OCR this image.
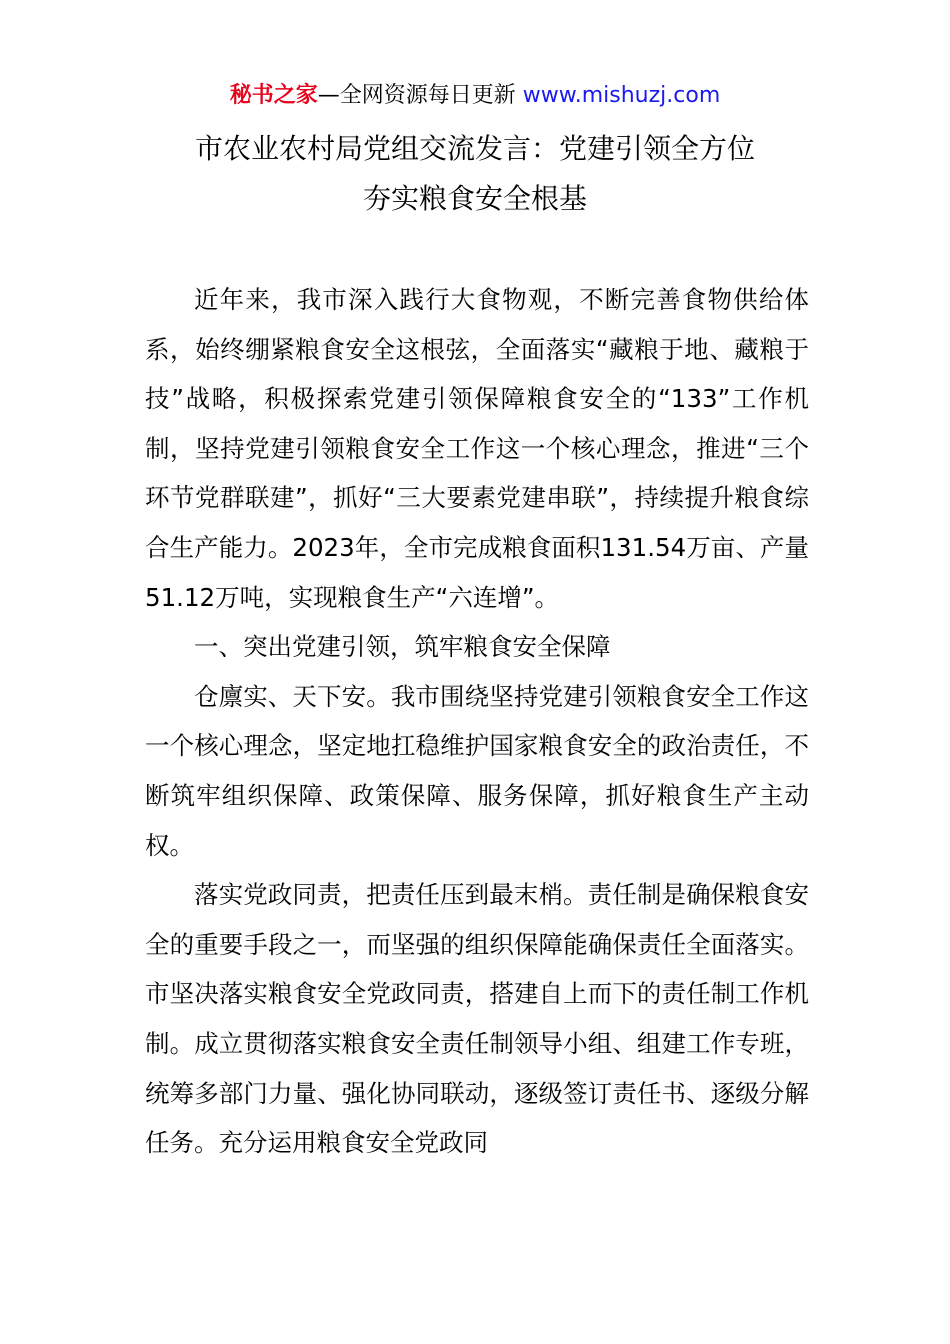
秘书之家—全网资源每日更新 www.mishuzj.com
市农业农村局党组交流发言：党建引领全方位
夯实粮食安全根基

近年来，我市深入践行大食物观，不断完善食物供给体系，始终绷紧粮食安全这根弦，全面落实“藏粮于地、藏粮于技”战略，积极探索党建引领保障粮食安全的“133”工作机制，坚持党建引领粮食安全工作这一个核心理念，推进“三个环节党群联建”，抓好“三大要素党建串联”，持续提升粮食综合生产能力。2023年，全市完成粮食面积131.54万亩、产量51.12万吨，实现粮食生产“六连增”。

一、突出党建引领，筑牢粮食安全保障

仓廪实、天下安。我市围绕坚持党建引领粮食安全工作这一个核心理念，坚定地扛稳维护国家粮食安全的政治责任，不断筑牢组织保障、政策保障、服务保障，抓好粮食生产主动权。

落实党政同责，把责任压到最末梢。责任制是确保粮食安全的重要手段之一，而坚强的组织保障能确保责任全面落实。市坚决落实粮食安全党政同责，搭建自上而下的责任制工作机制。成立贯彻落实粮食安全责任制领导小组、组建工作专班，统筹多部门力量、强化协同联动，逐级签订责任书、逐级分解任务。充分运用粮食安全党政同
